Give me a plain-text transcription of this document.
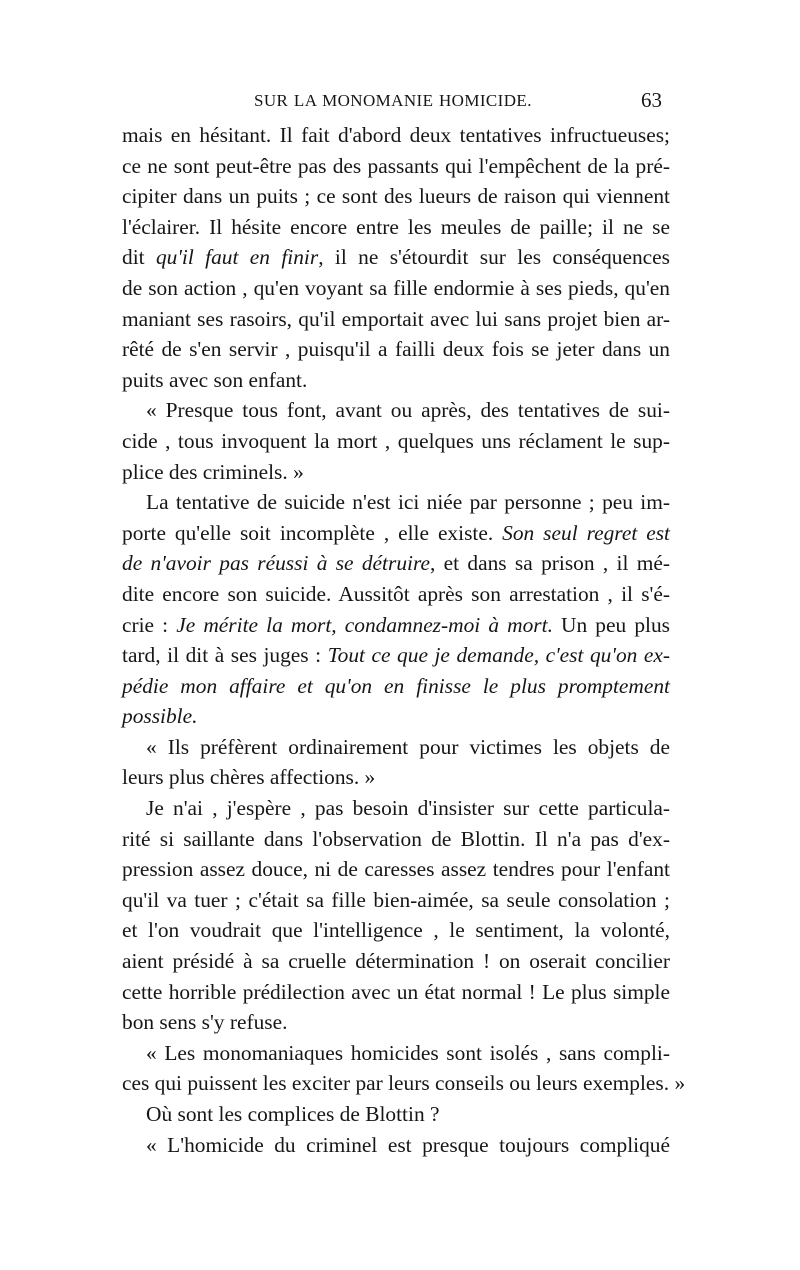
SUR LA MONOMANIE HOMICIDE.	63
mais en hésitant. Il fait d'abord deux tentatives infructueuses;
ce ne sont peut-être pas des passants qui l'empêchent de la pré-
cipiter dans un puits ; ce sont des lueurs de raison qui viennent
l'éclairer. Il hésite encore entre les meules de paille; il ne se
dit qu'il faut en finir, il ne s'étourdit sur les conséquences
de son action , qu'en voyant sa fille endormie à ses pieds, qu'en
maniant ses rasoirs, qu'il emportait avec lui sans projet bien ar-
rêté de s'en servir , puisqu'il a failli deux fois se jeter dans un
puits avec son enfant.
« Presque tous font, avant ou après, des tentatives de sui-
cide , tous invoquent la mort , quelques uns réclament le sup-
plice des criminels. »
La tentative de suicide n'est ici niée par personne ; peu im-
porte qu'elle soit incomplète , elle existe. Son seul regret est
de n'avoir pas réussi à se détruire, et dans sa prison , il mé-
dite encore son suicide. Aussitôt après son arrestation , il s'é-
crie : Je mérite la mort, condamnez-moi à mort. Un peu plus
tard, il dit à ses juges : Tout ce que je demande, c'est qu'on ex-
pédie mon affaire et qu'on en finisse le plus promptement
possible.
« Ils préfèrent ordinairement pour victimes les objets de
leurs plus chères affections. »
Je n'ai , j'espère , pas besoin d'insister sur cette particula-
rité si saillante dans l'observation de Blottin. Il n'a pas d'ex-
pression assez douce, ni de caresses assez tendres pour l'enfant
qu'il va tuer ; c'était sa fille bien-aimée, sa seule consolation ;
et l'on voudrait que l'intelligence , le sentiment, la volonté,
aient présidé à sa cruelle détermination ! on oserait concilier
cette horrible prédilection avec un état normal ! Le plus simple
bon sens s'y refuse.
« Les monomaniaques homicides sont isolés , sans compli-
ces qui puissent les exciter par leurs conseils ou leurs exemples. »
Où sont les complices de Blottin ?
« L'homicide du criminel est presque toujours compliqué
